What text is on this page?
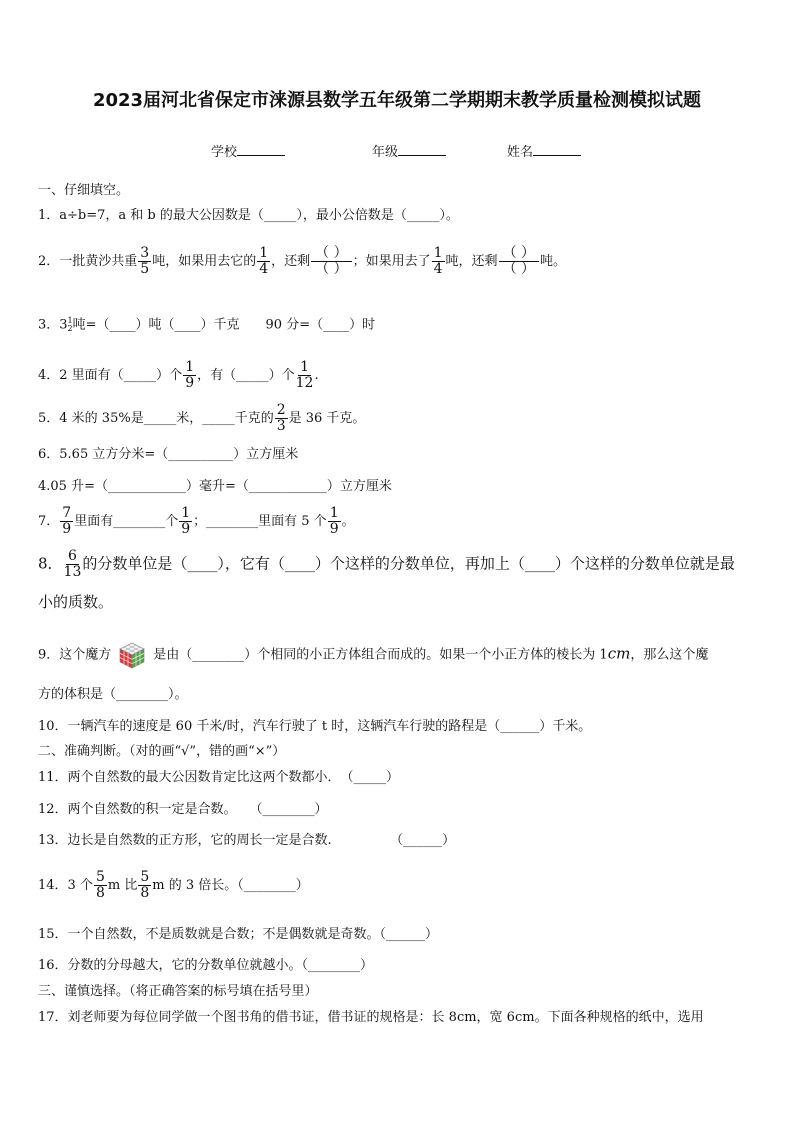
2023届河北省保定市涞源县数学五年级第二学期期末教学质量检测模拟试题
学校	年级	姓名
一、仔细填空。
1．a÷b=7，a 和 b 的最大公因数是（_____），最小公倍数是（_____）。
2．一批黄沙共重 $\frac{3}{5}$ 吨，如果用去它的 $\frac{1}{4}$ ，还剩 $\frac{( )}{( )}$ ；如果用去了 $\frac{1}{4}$ 吨，还剩 $\frac{( )}{( )}$ 吨。
3．3 1
2 吨=（____）吨（____）千克　　90 分=（____）时
4．2 里面有（_____）个 $\frac{1}{9}$ ，有（_____）个 $\frac{1}{12}$ .
5．4 米的 35%是_____米，_____千克的 $\frac{2}{3}$ 是 36 千克。
6．5.65 立方分米=（__________）立方厘米
4.05 升=（____________）毫升=（____________）立方厘米
7． $\frac{7}{9}$ 里面有________个 $\frac{1}{9}$ ；________里面有 5 个 $\frac{1}{9}$ 。
8． $\frac{6}{13}$ 的分数单位是（____），它有（____）个这样的分数单位，再加上（____）个这样的分数单位就是最
小的质数。
9．这个魔方	是由（________）个相同的小正方体组合而成的。如果一个小正方体的棱长为 1cm，那么这个魔
方的体积是（________）。
10．一辆汽车的速度是 60 千米/时，汽车行驶了 t 时，这辆汽车行驶的路程是（______）千米。
二、准确判断。（对的画“√”，错的画“×”）
11．两个自然数的最大公因数肯定比这两个数都小．　（_____）
12．两个自然数的积一定是合数。　　（________）
13．边长是自然数的正方形，它的周长一定是合数.　　　　　（______）
14．3 个 $\frac{5}{8}$ m 比 $\frac{5}{8}$ m 的 3 倍长。（________）
15．一个自然数，不是质数就是合数；不是偶数就是奇数。（______）
16．分数的分母越大，它的分数单位就越小。（________）
三、谨慎选择。（将正确答案的标号填在括号里）
17．刘老师要为每位同学做一个图书角的借书证，借书证的规格是：长 8cm，宽 6cm。下面各种规格的纸中，选用
